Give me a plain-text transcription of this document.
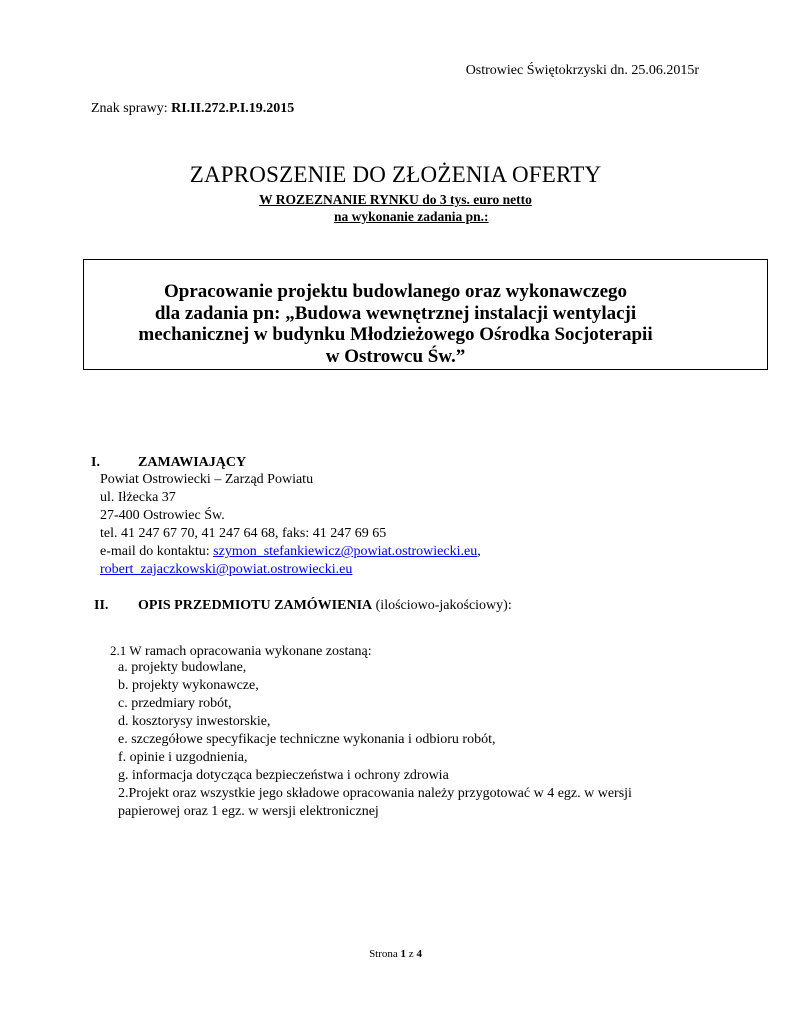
Ostrowiec Świętokrzyski dn. 25.06.2015r
Znak sprawy: RI.II.272.P.I.19.2015
ZAPROSZENIE DO ZŁOŻENIA OFERTY
W ROZEZNANIE RYNKU do 3 tys. euro netto
na wykonanie zadania pn.:
Opracowanie projektu budowlanego oraz wykonawczego
dla zadania pn: „Budowa wewnętrznej instalacji wentylacji
mechanicznej w budynku Młodzieżowego Ośrodka Socjoterapii
w Ostrowcu Św.”
I.	ZAMAWIAJĄCY
Powiat Ostrowiecki – Zarząd Powiatu
ul. Iłżecka 37
27-400 Ostrowiec Św.
tel. 41 247 67 70, 41 247 64 68, faks: 41 247 69 65
e-mail do kontaktu: szymon_stefankiewicz@powiat.ostrowiecki.eu,
robert_zajaczkowski@powiat.ostrowiecki.eu
II. OPIS PRZEDMIOTU ZAMÓWIENIA (ilościowo-jakościowy):
2.1 W ramach opracowania wykonane zostaną:
a. projekty budowlane,
b. projekty wykonawcze,
c. przedmiary robót,
d. kosztorysy inwestorskie,
e. szczegółowe specyfikacje techniczne wykonania i odbioru robót,
f. opinie i uzgodnienia,
g. informacja dotycząca bezpieczeństwa i ochrony zdrowia
2.Projekt oraz wszystkie jego składowe opracowania należy przygotować w 4 egz. w wersji
papierowej oraz 1 egz. w wersji elektronicznej
Strona 1 z 4
